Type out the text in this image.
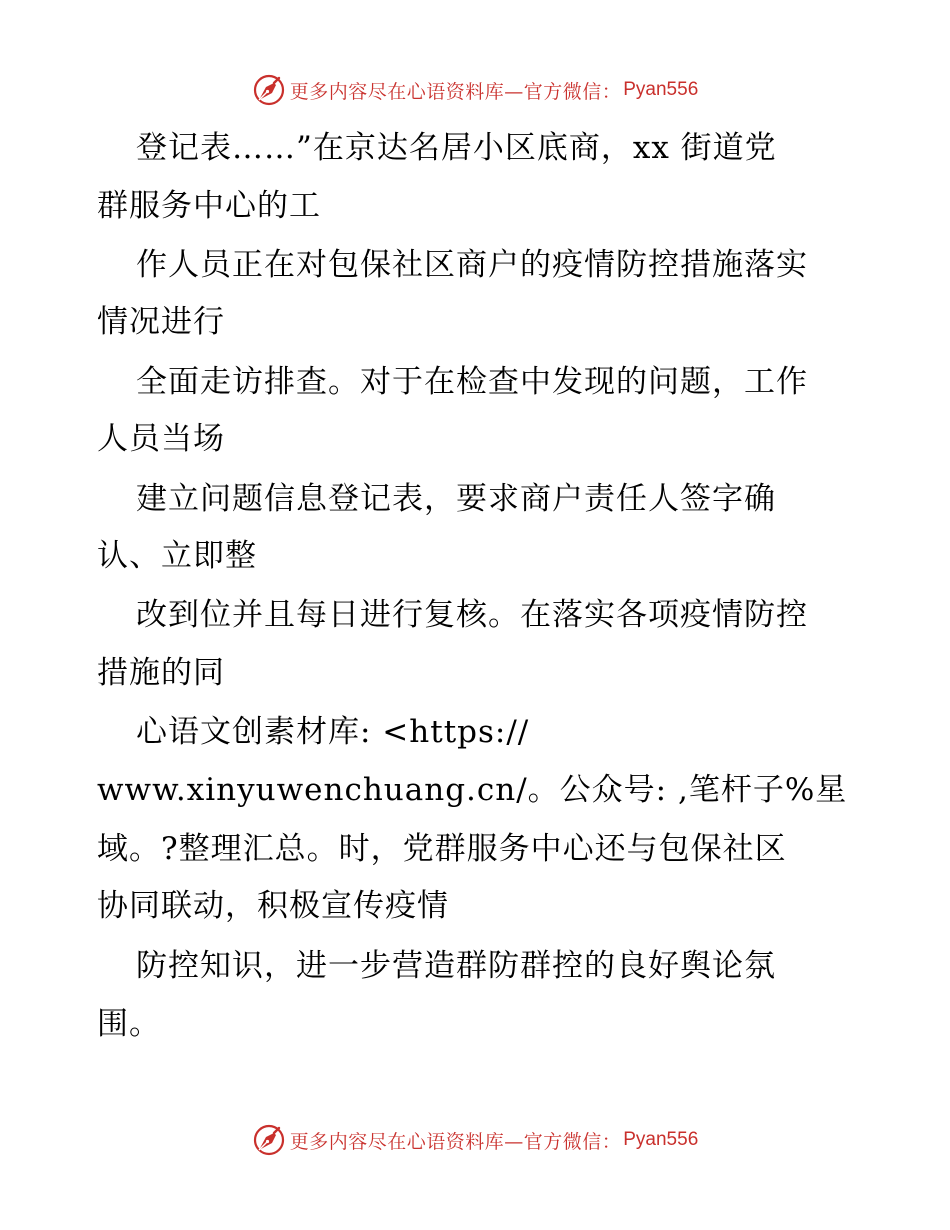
更多内容尽在心语资料库—官方微信： Pyan556
登记表……”在京达名居小区底商，xx 街道党
群服务中心的工
作人员正在对包保社区商户的疫情防控措施落实
情况进行
全面走访排查。对于在检查中发现的问题，工作
人员当场
建立问题信息登记表，要求商户责任人签字确
认、立即整
改到位并且每日进行复核。在落实各项疫情防控
措施的同
心语文创素材库: <https://
www.xinyuwenchuang.cn/。公众号: ,笔杆子%星
域。?整理汇总。时，党群服务中心还与包保社区
协同联动，积极宣传疫情
防控知识，进一步营造群防群控的良好舆论氛
围。
更多内容尽在心语资料库—官方微信： Pyan556
